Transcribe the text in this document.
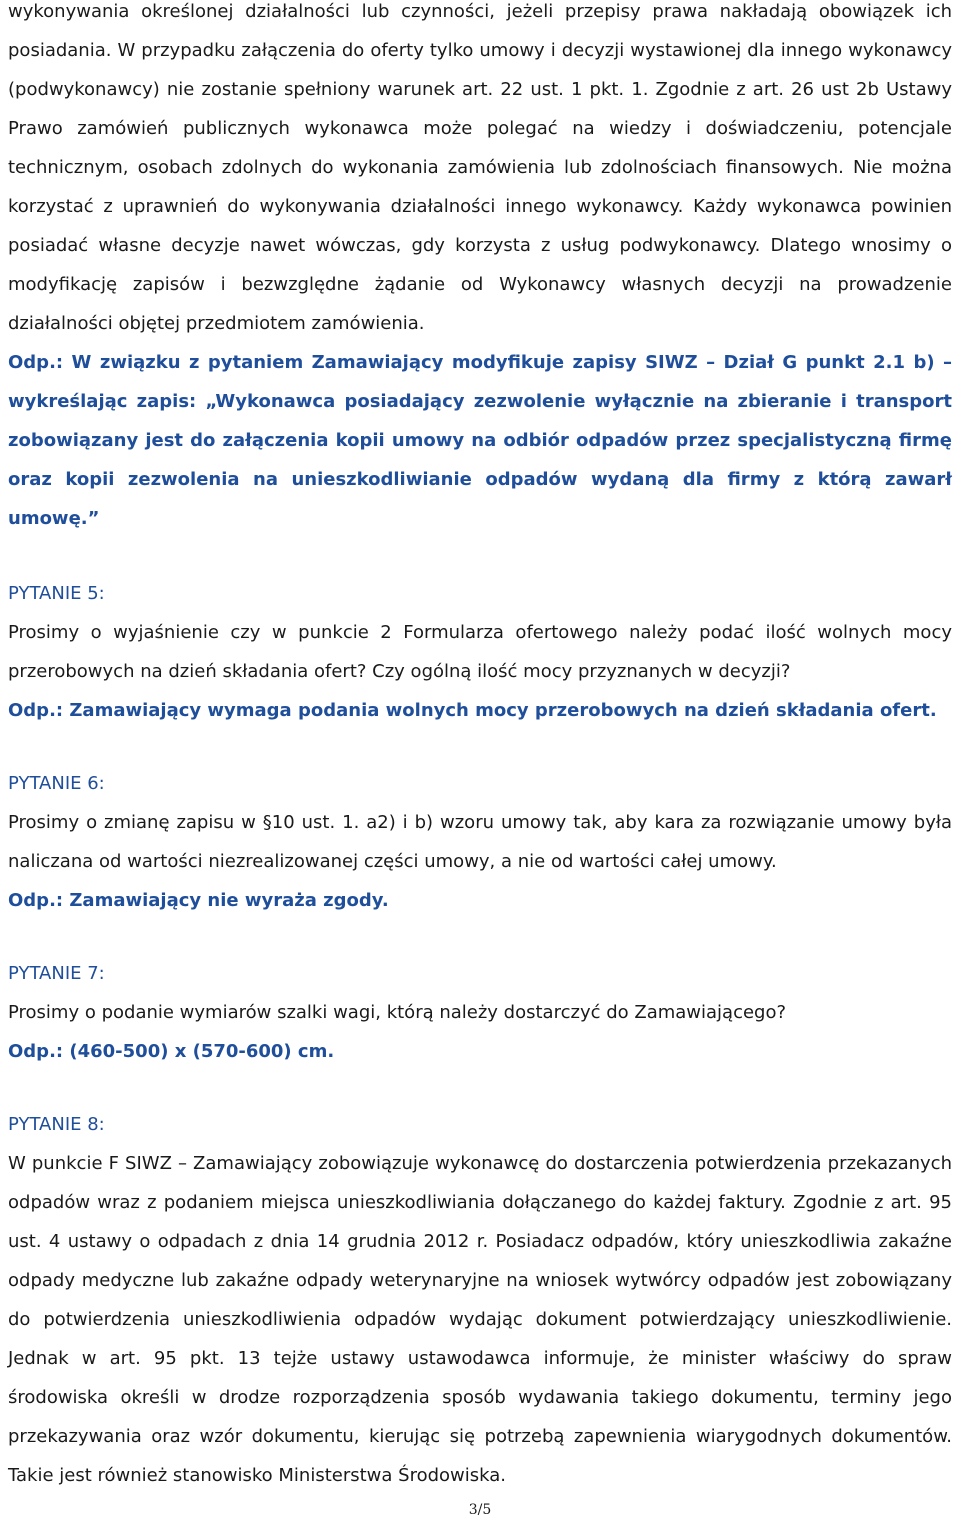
wykonywania określonej działalności lub czynności, jeżeli przepisy prawa nakładają obowiązek ich posiadania. W przypadku załączenia do oferty tylko umowy i decyzji wystawionej dla innego wykonawcy (podwykonawcy) nie zostanie spełniony warunek art. 22 ust. 1 pkt. 1. Zgodnie z art. 26 ust 2b Ustawy Prawo zamówień publicznych wykonawca może polegać na wiedzy i doświadczeniu, potencjale technicznym, osobach zdolnych do wykonania zamówienia lub zdolnościach finansowych. Nie można korzystać z uprawnień do wykonywania działalności innego wykonawcy. Każdy wykonawca powinien posiadać własne decyzje nawet wówczas, gdy korzysta z usług podwykonawcy. Dlatego wnosimy o modyfikację zapisów i bezwzględne żądanie od Wykonawcy własnych decyzji na prowadzenie działalności objętej przedmiotem zamówienia.

Odp.: W związku z pytaniem Zamawiający modyfikuje zapisy SIWZ – Dział G punkt 2.1 b) – wykreślając zapis: „Wykonawca posiadający zezwolenie wyłącznie na zbieranie i transport zobowiązany jest do załączenia kopii umowy na odbiór odpadów przez specjalistyczną firmę oraz kopii zezwolenia na unieszkodliwianie odpadów wydaną dla firmy z którą zawarł umowę.”

PYTANIE 5:

Prosimy o wyjaśnienie czy w punkcie 2 Formularza ofertowego należy podać ilość wolnych mocy przerobowych na dzień składania ofert? Czy ogólną ilość mocy przyznanych w decyzji?

Odp.: Zamawiający wymaga podania wolnych mocy przerobowych na dzień składania ofert.

PYTANIE 6:

Prosimy o zmianę zapisu w §10 ust. 1. a2) i b) wzoru umowy tak, aby kara za rozwiązanie umowy była naliczana od wartości niezrealizowanej części umowy, a nie od wartości całej umowy.

Odp.: Zamawiający nie wyraża zgody.

PYTANIE 7:

Prosimy o podanie wymiarów szalki wagi, którą należy dostarczyć do Zamawiającego?

Odp.: (460-500) x (570-600) cm.

PYTANIE 8:

W punkcie F SIWZ – Zamawiający zobowiązuje wykonawcę do dostarczenia potwierdzenia przekazanych odpadów wraz z podaniem miejsca unieszkodliwiania dołączanego do każdej faktury. Zgodnie z art. 95 ust. 4 ustawy o odpadach z dnia 14 grudnia 2012 r. Posiadacz odpadów, który unieszkodliwia zakaźne odpady medyczne lub zakaźne odpady weterynaryjne na wniosek wytwórcy odpadów jest zobowiązany do potwierdzenia unieszkodliwienia odpadów wydając dokument potwierdzający unieszkodliwienie. Jednak w art. 95 pkt. 13 tejże ustawy ustawodawca informuje, że minister właściwy do spraw środowiska określi w drodze rozporządzenia sposób wydawania takiego dokumentu, terminy jego przekazywania oraz wzór dokumentu, kierując się potrzebą zapewnienia wiarygodnych dokumentów. Takie jest również stanowisko Ministerstwa Środowiska.

3/5
